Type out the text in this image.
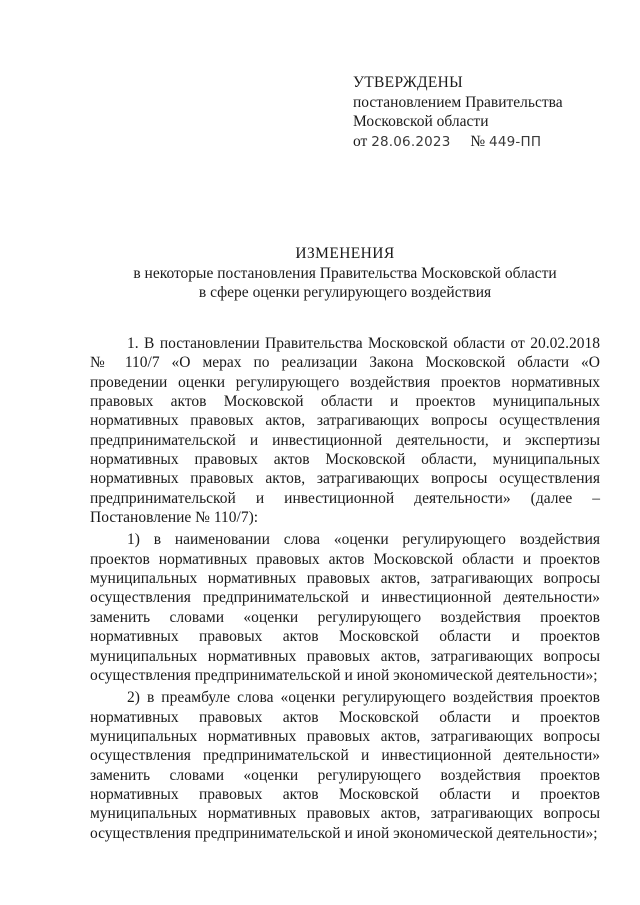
УТВЕРЖДЕНЫ
постановлением Правительства
Московской области
от 28.06.2023 № 449-ПП
ИЗМЕНЕНИЯ
в некоторые постановления Правительства Московской области
в сфере оценки регулирующего воздействия

1. В постановлении Правительства Московской области от 20.02.2018 № 110/7 «О мерах по реализации Закона Московской области «О проведении оценки регулирующего воздействия проектов нормативных правовых актов Московской области и проектов муниципальных нормативных правовых актов, затрагивающих вопросы осуществления предпринимательской и инвестиционной деятельности, и экспертизы нормативных правовых актов Московской области, муниципальных нормативных правовых актов, затрагивающих вопросы осуществления предпринимательской и инвестиционной деятельности» (далее – Постановление № 110/7):

1) в наименовании слова «оценки регулирующего воздействия проектов нормативных правовых актов Московской области и проектов муниципальных нормативных правовых актов, затрагивающих вопросы осуществления предпринимательской и инвестиционной деятельности» заменить словами «оценки регулирующего воздействия проектов нормативных правовых актов Московской области и проектов муниципальных нормативных правовых актов, затрагивающих вопросы осуществления предпринимательской и иной экономической деятельности»;

2) в преамбуле слова «оценки регулирующего воздействия проектов нормативных правовых актов Московской области и проектов муниципальных нормативных правовых актов, затрагивающих вопросы осуществления предпринимательской и инвестиционной деятельности» заменить словами «оценки регулирующего воздействия проектов нормативных правовых актов Московской области и проектов муниципальных нормативных правовых актов, затрагивающих вопросы осуществления предпринимательской и иной экономической деятельности»;
